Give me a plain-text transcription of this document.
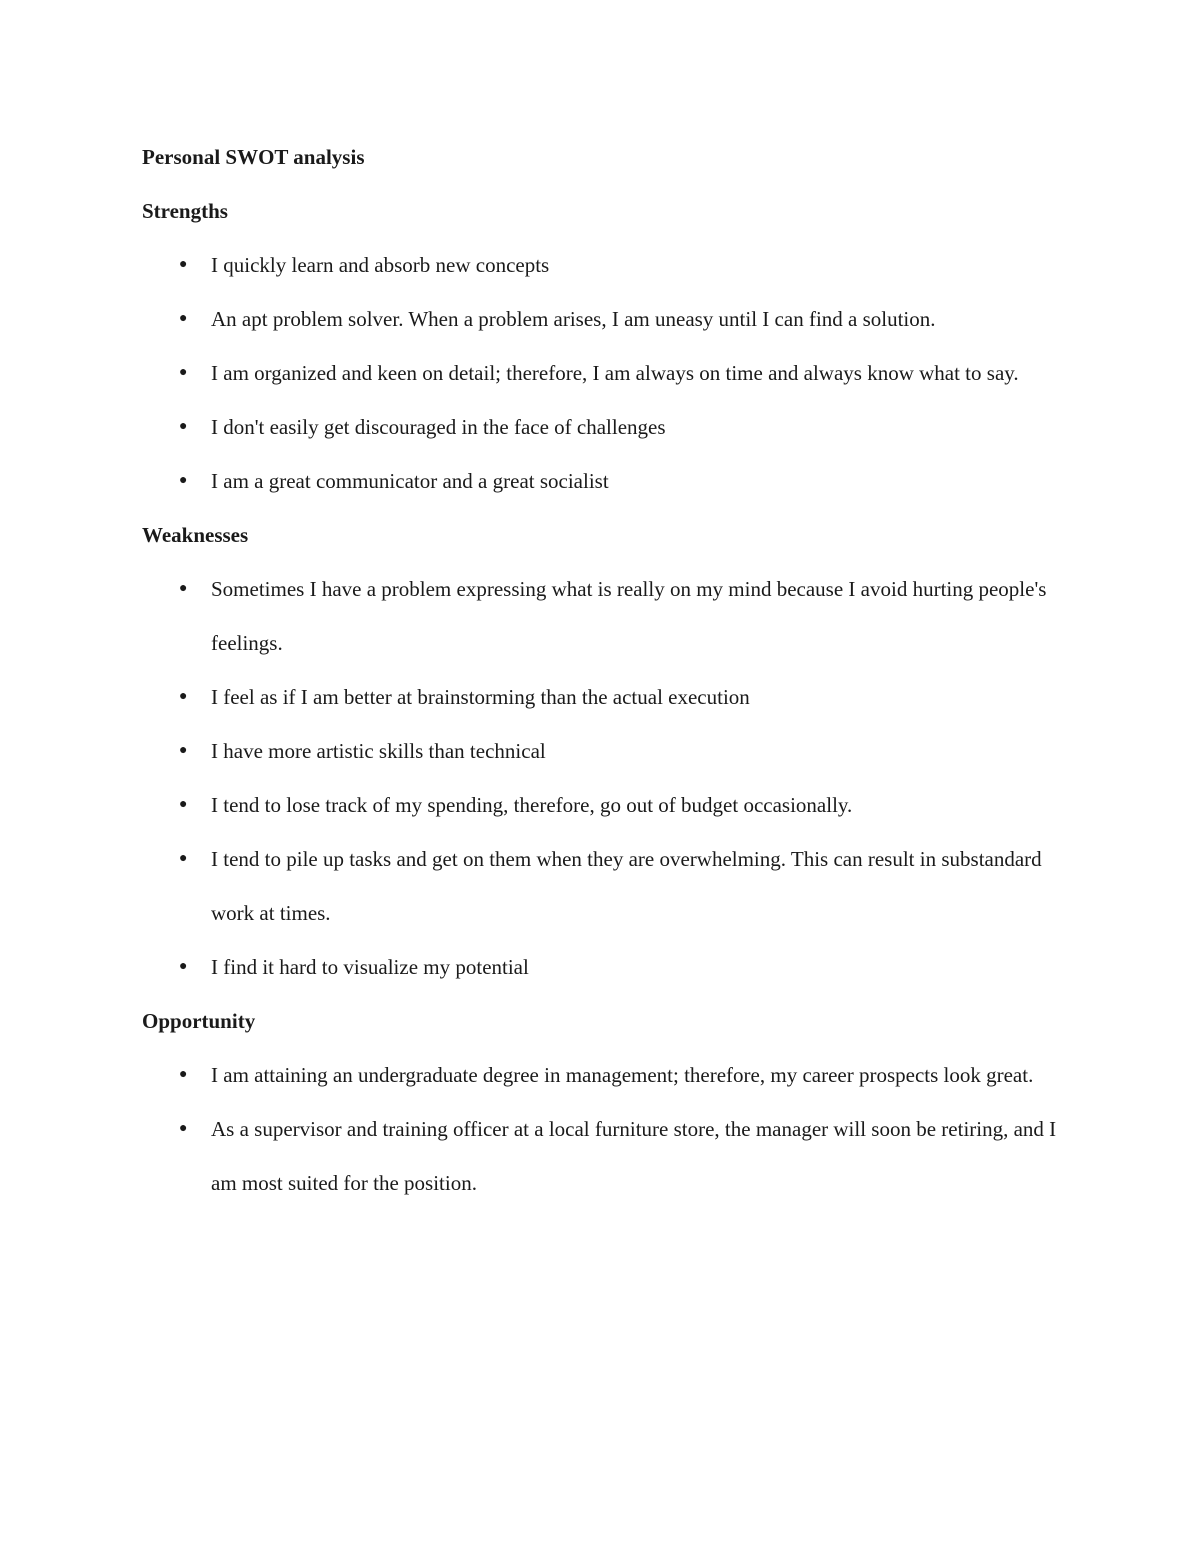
Personal SWOT analysis

Strengths

● I quickly learn and absorb new concepts
● An apt problem solver. When a problem arises, I am uneasy until I can find a solution.
● I am organized and keen on detail; therefore, I am always on time and always know what to say.
● I don't easily get discouraged in the face of challenges
● I am a great communicator and a great socialist

Weaknesses

● Sometimes I have a problem expressing what is really on my mind because I avoid hurting people's feelings.
● I feel as if I am better at brainstorming than the actual execution
● I have more artistic skills than technical
● I tend to lose track of my spending, therefore, go out of budget occasionally.
● I tend to pile up tasks and get on them when they are overwhelming. This can result in substandard work at times.
● I find it hard to visualize my potential

Opportunity

● I am attaining an undergraduate degree in management; therefore, my career prospects look great.
● As a supervisor and training officer at a local furniture store, the manager will soon be retiring, and I am most suited for the position.
